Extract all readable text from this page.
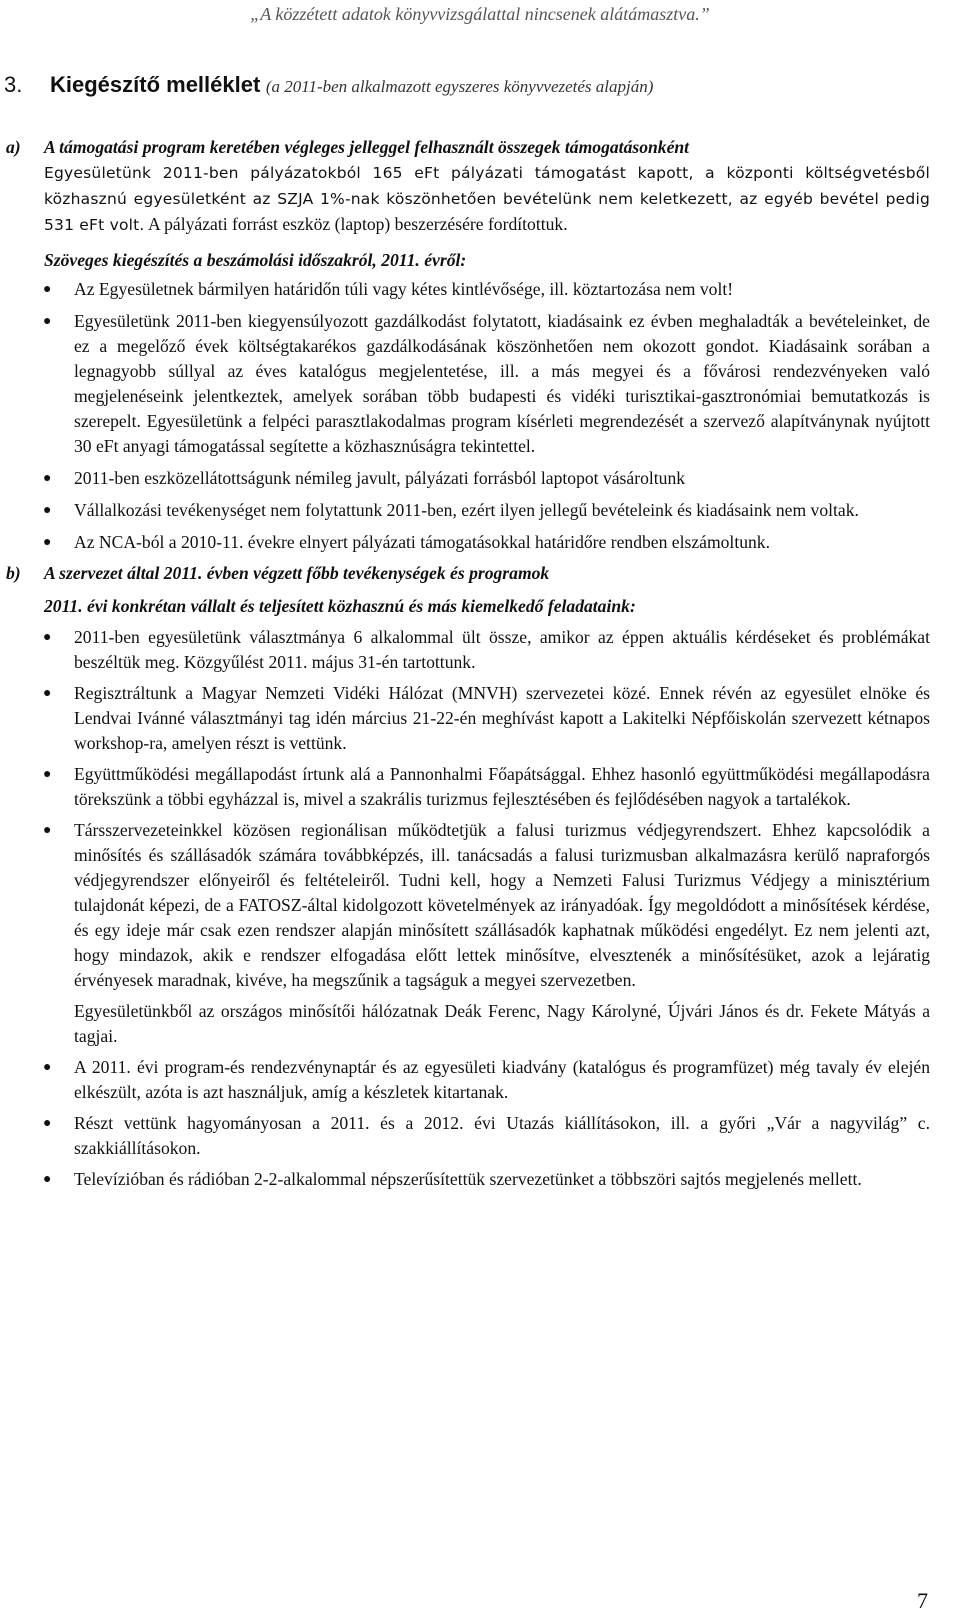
„A közzétett adatok könyvvizsgálattal nincsenek alátámasztva.”
3. Kiegészítő melléklet (a 2011-ben alkalmazott egyszeres könyvvezetés alapján)
a) A támogatási program keretében végleges jelleggel felhasznált összegek támogatásonként
Egyesületünk 2011-ben pályázatokból 165 eFt pályázati támogatást kapott, a központi költségvetésből közhasznú egyesületként az SZJA 1%-nak köszönhetően bevételünk nem keletkezett, az egyéb bevétel pedig 531 eFt volt. A pályázati forrást eszköz (laptop) beszerzésére fordítottuk.
Szöveges kiegészítés a beszámolási időszakról, 2011. évről:
● Az Egyesületnek bármilyen határidőn túli vagy kétes kintlévősége, ill. köztartozása nem volt!
● Egyesületünk 2011-ben kiegyensúlyozott gazdálkodást folytatott, kiadásaink ez évben meghaladták a bevételeinket, de ez a megelőző évek költségtakarékos gazdálkodásának köszönhetően nem okozott gondot. Kiadásaink sorában a legnagyobb súllyal az éves katalógus megjelentetése, ill. a más megyei és a fővárosi rendezvényeken való megjelenéseink jelentkeztek, amelyek sorában több budapesti és vidéki turisztikai-gasztronómiai bemutatkozás is szerepelt. Egyesületünk a felpéci parasztlakodalmas program kísérleti megrendezését a szervező alapítványnak nyújtott 30 eFt anyagi támogatással segítette a közhasznúságra tekintettel.
● 2011-ben eszközellátottságunk némileg javult, pályázati forrásból laptopot vásároltunk
● Vállalkozási tevékenységet nem folytattunk 2011-ben, ezért ilyen jellegű bevételeink és kiadásaink nem voltak.
● Az NCA-ból a 2010-11. évekre elnyert pályázati támogatásokkal határidőre rendben elszámoltunk.
b) A szervezet által 2011. évben végzett főbb tevékenységek és programok
2011. évi konkrétan vállalt és teljesített közhasznú és más kiemelkedő feladataink:
● 2011-ben egyesületünk választmánya 6 alkalommal ült össze, amikor az éppen aktuális kérdéseket és problémákat beszéltük meg. Közgyűlést 2011. május 31-én tartottunk.
● Regisztráltunk a Magyar Nemzeti Vidéki Hálózat (MNVH) szervezetei közé. Ennek révén az egyesület elnöke és Lendvai Ivánné választmányi tag idén március 21-22-én meghívást kapott a Lakitelki Népfőiskolán szervezett kétnapos workshop-ra, amelyen részt is vettünk.
● Együttműködési megállapodást írtunk alá a Pannonhalmi Főapátsággal. Ehhez hasonló együttműködési megállapodásra törekszünk a többi egyházzal is, mivel a szakrális turizmus fejlesztésében és fejlődésében nagyok a tartalékok.
● Társszervezeteinkkel közösen regionálisan működtetjük a falusi turizmus védjegyrendszert. Ehhez kapcsolódik a minősítés és szállásadók számára továbbképzés, ill. tanácsadás a falusi turizmusban alkalmazásra kerülő napraforgós védjegyrendszer előnyeiről és feltételeiről. Tudni kell, hogy a Nemzeti Falusi Turizmus Védjegy a minisztérium tulajdonát képezi, de a FATOSZ-által kidolgozott követelmények az irányadóak. Így megoldódott a minősítések kérdése, és egy ideje már csak ezen rendszer alapján minősített szállásadók kaphatnak működési engedélyt. Ez nem jelenti azt, hogy mindazok, akik e rendszer elfogadása előtt lettek minősítve, elvesztenék a minősítésüket, azok a lejáratig érvényesek maradnak, kivéve, ha megszűnik a tagságuk a megyei szervezetben.
Egyesületünkből az országos minősítői hálózatnak Deák Ferenc, Nagy Károlyné, Újvári János és dr. Fekete Mátyás a tagjai.
● A 2011. évi program-és rendezvénynaptár és az egyesületi kiadvány (katalógus és programfüzet) még tavaly év elején elkészült, azóta is azt használjuk, amíg a készletek kitartanak.
● Részt vettünk hagyományosan a 2011. és a 2012. évi Utazás kiállításokon, ill. a győri „Vár a nagyvilág” c. szakkiállításokon.
● Televízióban és rádióban 2-2-alkalommal népszerűsítettük szervezetünket a többszöri sajtós megjelenés mellett.
7
